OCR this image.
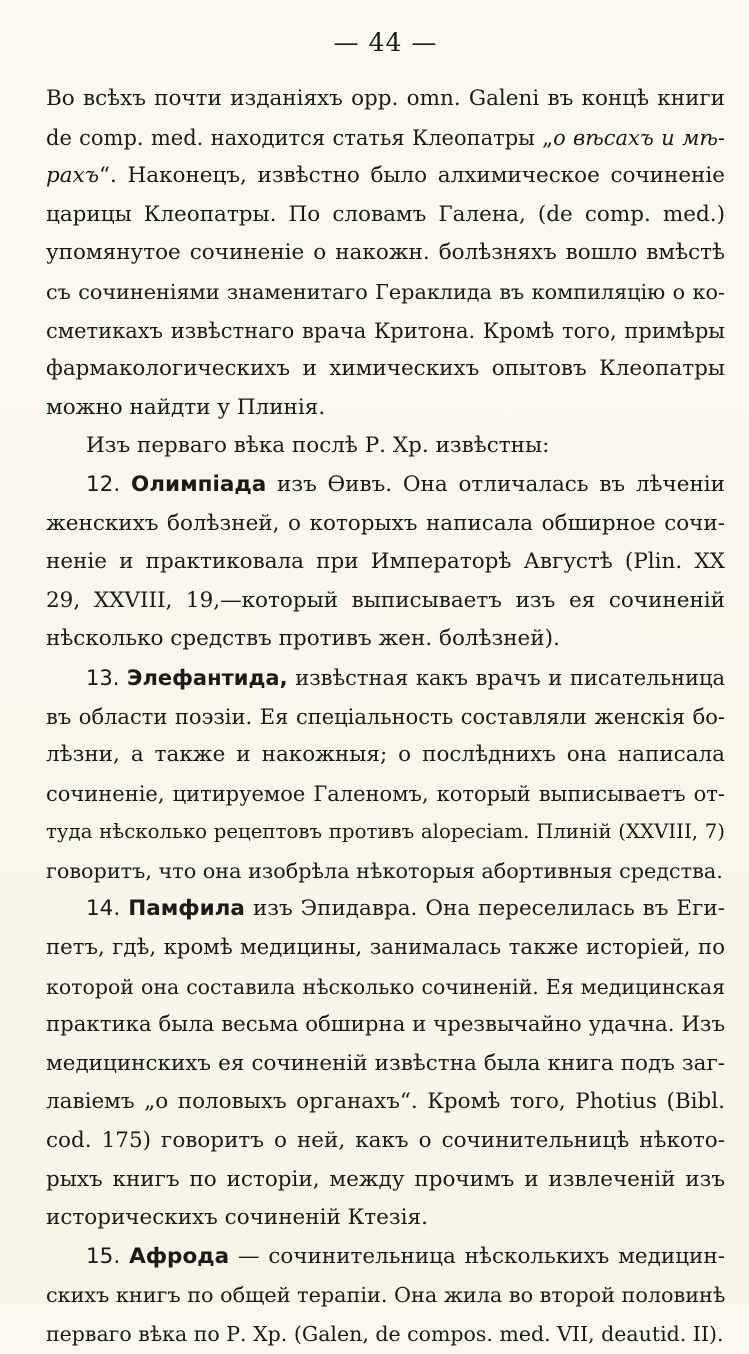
— 44 —
Во всѣхъ почти изданіяхъ орр. omn. Galeni въ концѣ книги
de comp. med. находится статья Клеопатры „о вѣсахъ и мѣ-
рахъ“. Наконецъ, извѣстно было алхимическое сочиненіе
царицы Клеопатры. По словамъ Галена, (de comp. med.)
упомянутое сочиненіе о накожн. болѣзняхъ вошло вмѣстѣ
съ сочиненіями знаменитаго Гераклида въ компиляцію о ко-
сметикахъ извѣстнаго врача Критона. Кромѣ того, примѣры
фармакологическихъ и химическихъ опытовъ Клеопатры
можно найдти у Плинія.
Изъ перваго вѣка послѣ Р. Хр. извѣстны:
12. Олимпіада изъ Ѳивъ. Она отличалась въ лѣченіи
женскихъ болѣзней, о которыхъ написала обширное сочи-
неніе и практиковала при Императорѣ Августѣ (Plin. XX
29, XXVIII, 19,—который выписываетъ изъ ея сочиненій
нѣсколько средствъ противъ жен. болѣзней).
13. Элефантида, извѣстная какъ врачъ и писательница
въ области поэзіи. Ея спеціальность составляли женскія бо-
лѣзни, а также и накожныя; о послѣднихъ она написала
сочиненіе, цитируемое Галеномъ, который выписываетъ от-
туда нѣсколько рецептовъ противъ alopeciam. Плиній (XXVIII, 7)
говоритъ, что она изобрѣла нѣкоторыя абортивныя средства.
14. Памфила изъ Эпидавра. Она переселилась въ Еги-
петъ, гдѣ, кромѣ медицины, занималась также исторіей, по
которой она составила нѣсколько сочиненій. Ея медицинская
практика была весьма обширна и чрезвычайно удачна. Изъ
медицинскихъ ея сочиненій извѣстна была книга подъ заг-
лавіемъ „о половыхъ органахъ“. Кромѣ того, Photius (Bibl.
cod. 175) говоритъ о ней, какъ о сочинительницѣ нѣкото-
рыхъ книгъ по исторіи, между прочимъ и извлеченій изъ
историческихъ сочиненій Ктезія.
15. Афрода — сочинительница нѣсколькихъ медицин-
скихъ книгъ по общей терапіи. Она жила во второй половинѣ
перваго вѣка по Р. Хр. (Galen, de compos. med. VII, deautid. II).
